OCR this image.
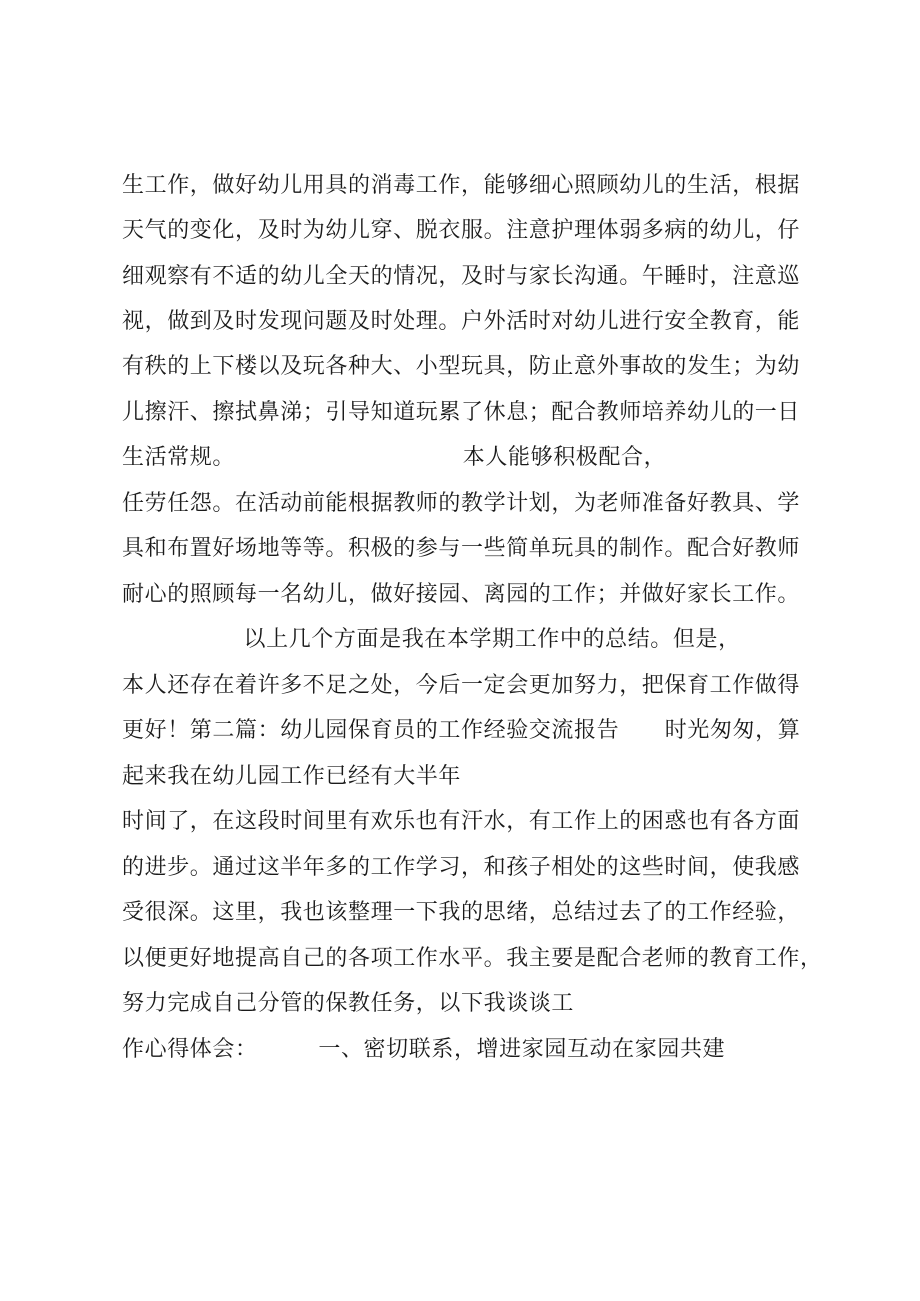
生工作，做好幼儿用具的消毒工作，能够细心照顾幼儿的生活，根据
天气的变化，及时为幼儿穿、脱衣服。注意护理体弱多病的幼儿，仔
细观察有不适的幼儿全天的情况，及时与家长沟通。午睡时，注意巡
视，做到及时发现问题及时处理。户外活时对幼儿进行安全教育，能
有秩的上下楼以及玩各种大、小型玩具，防止意外事故的发生；为幼
儿擦汗、擦拭鼻涕；引导知道玩累了休息；配合教师培养幼儿的一日
生活常规。                              本人能够积极配合，
任劳任怨。在活动前能根据教师的教学计划，为老师准备好教具、学
具和布置好场地等等。积极的参与一些简单玩具的制作。配合好教师
耐心的照顾每一名幼儿，做好接园、离园的工作；并做好家长工作。
以上几个方面是我在本学期工作中的总结。但是，
本人还存在着许多不足之处，今后一定会更加努力，把保育工作做得
更好！第二篇：幼儿园保育员的工作经验交流报告      时光匆匆，算
起来我在幼儿园工作已经有大半年
时间了，在这段时间里有欢乐也有汗水，有工作上的困惑也有各方面
的进步。通过这半年多的工作学习，和孩子相处的这些时间，使我感
受很深。这里，我也该整理一下我的思绪，总结过去了的工作经验，
以便更好地提高自己的各项工作水平。我主要是配合老师的教育工作，
努力完成自己分管的保教任务，以下我谈谈工
作心得体会：        一、密切联系，增进家园互动在家园共建
